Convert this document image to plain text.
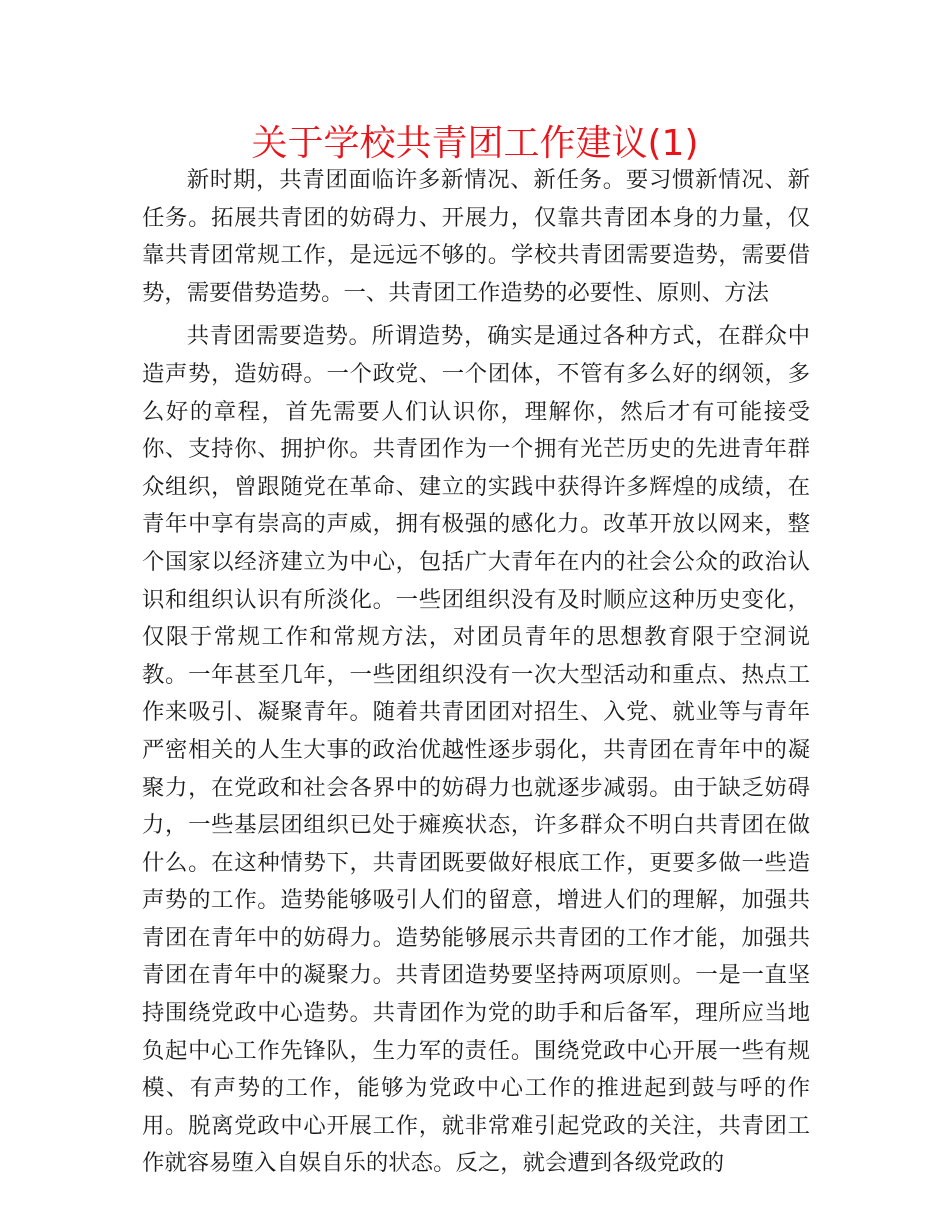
关于学校共青团工作建议(1)

新时期，共青团面临许多新情况、新任务。要习惯新情况、新任务。拓展共青团的妨碍力、开展力，仅靠共青团本身的力量，仅靠共青团常规工作，是远远不够的。学校共青团需要造势，需要借势，需要借势造势。一、共青团工作造势的必要性、原则、方法

共青团需要造势。所谓造势，确实是通过各种方式，在群众中造声势，造妨碍。一个政党、一个团体，不管有多么好的纲领，多么好的章程，首先需要人们认识你，理解你，然后才有可能接受你、支持你、拥护你。共青团作为一个拥有光芒历史的先进青年群众组织，曾跟随党在革命、建立的实践中获得许多辉煌的成绩，在青年中享有崇高的声威，拥有极强的感化力。改革开放以网来，整个国家以经济建立为中心，包括广大青年在内的社会公众的政治认识和组织认识有所淡化。一些团组织没有及时顺应这种历史变化，仅限于常规工作和常规方法，对团员青年的思想教育限于空洞说教。一年甚至几年，一些团组织没有一次大型活动和重点、热点工作来吸引、凝聚青年。随着共青团团对招生、入党、就业等与青年严密相关的人生大事的政治优越性逐步弱化，共青团在青年中的凝聚力，在党政和社会各界中的妨碍力也就逐步减弱。由于缺乏妨碍力，一些基层团组织已处于瘫痪状态，许多群众不明白共青团在做什么。在这种情势下，共青团既要做好根底工作，更要多做一些造声势的工作。造势能够吸引人们的留意，增进人们的理解，加强共青团在青年中的妨碍力。造势能够展示共青团的工作才能，加强共青团在青年中的凝聚力。共青团造势要坚持两项原则。一是一直坚持围绕党政中心造势。共青团作为党的助手和后备军，理所应当地负起中心工作先锋队，生力军的责任。围绕党政中心开展一些有规模、有声势的工作，能够为党政中心工作的推进起到鼓与呼的作用。脱离党政中心开展工作，就非常难引起党政的关注，共青团工作就容易堕入自娱自乐的状态。反之，就会遭到各级党政的
